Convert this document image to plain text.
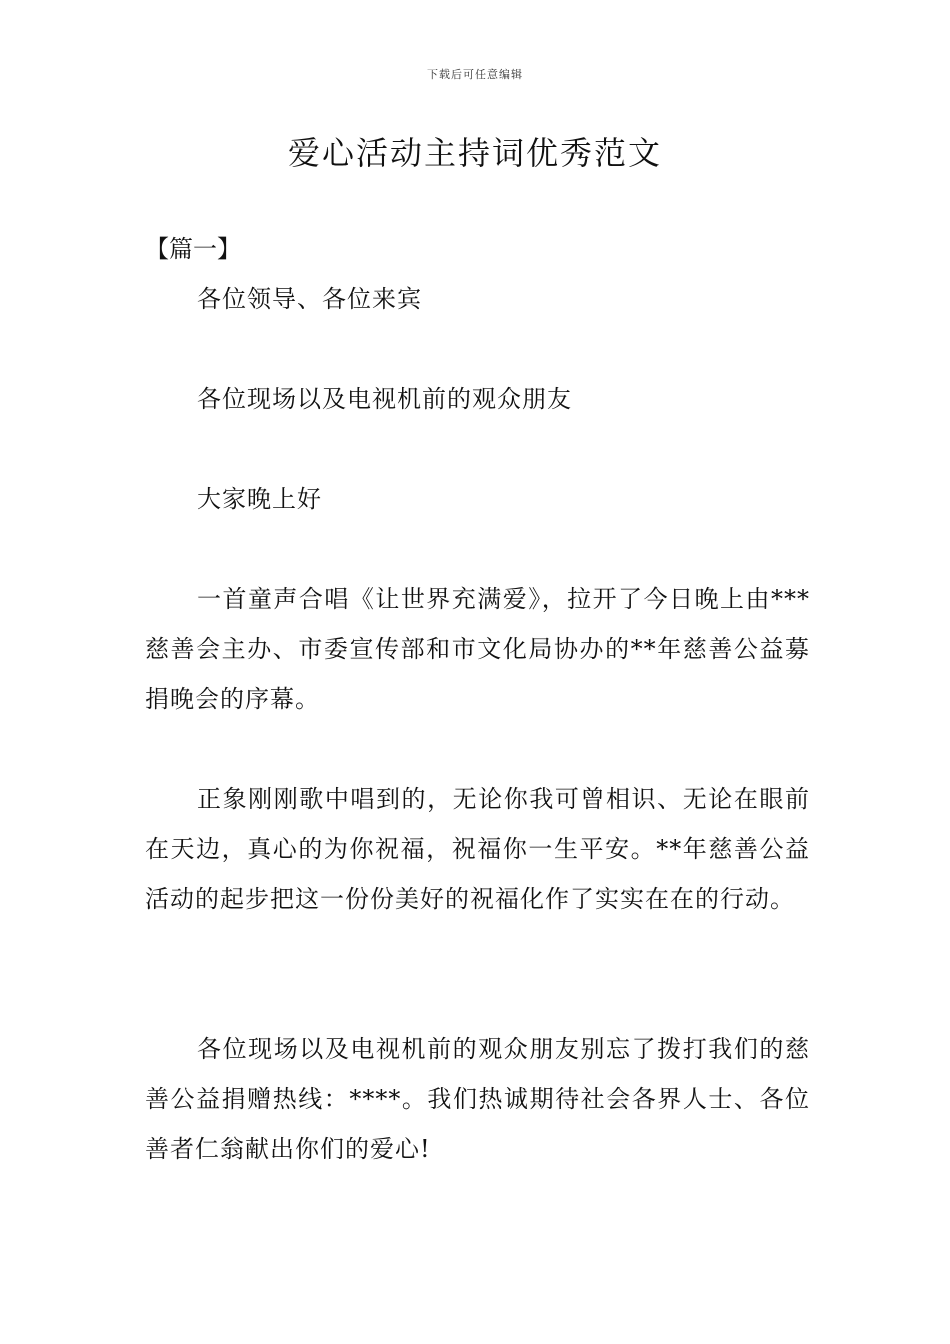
下载后可任意编辑
爱心活动主持词优秀范文
【篇一】
各位领导、各位来宾
各位现场以及电视机前的观众朋友
大家晚上好
一首童声合唱《让世界充满爱》，拉开了今日晚上由***慈善会主办、市委宣传部和市文化局协办的**年慈善公益募捐晚会的序幕。
正象刚刚歌中唱到的，无论你我可曾相识、无论在眼前在天边，真心的为你祝福，祝福你一生平安。**年慈善公益活动的起步把这一份份美好的祝福化作了实实在在的行动。
各位现场以及电视机前的观众朋友别忘了拨打我们的慈善公益捐赠热线：****。我们热诚期待社会各界人士、各位善者仁翁献出你们的爱心!
